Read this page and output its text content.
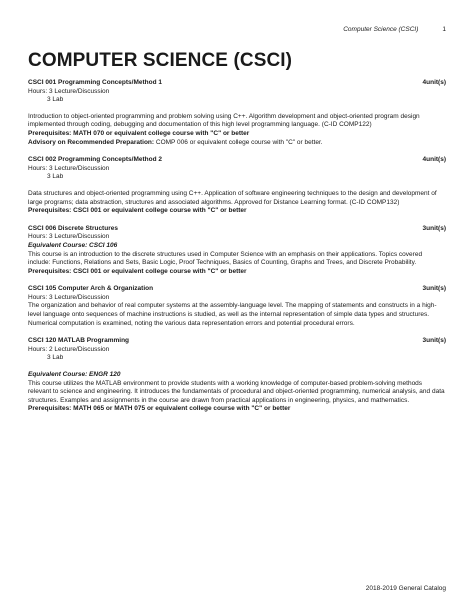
Computer Science (CSCI)	1
COMPUTER SCIENCE (CSCI)
CSCI 001 Programming Concepts/Method 1	4unit(s)
Hours: 3 Lecture/Discussion
3 Lab
Introduction to object-oriented programming and problem solving using C++. Algorithm development and object-oriented program design implemented through coding, debugging and documentation of this high level programming language. (C-ID COMP122)
Prerequisites: MATH 070 or equivalent college course with "C" or better
Advisory on Recommended Preparation: COMP 006 or equivalent college course with "C" or better.
CSCI 002 Programming Concepts/Method 2	4unit(s)
Hours: 3 Lecture/Discussion
3 Lab
Data structures and object-oriented programming using C++. Application of software engineering techniques to the design and development of large programs; data abstraction, structures and associated algorithms. Approved for Distance Learning format. (C-ID COMP132)
Prerequisites: CSCI 001 or equivalent college course with "C" or better
CSCI 006 Discrete Structures	3unit(s)
Hours: 3 Lecture/Discussion
Equivalent Course: CSCI 106
This course is an introduction to the discrete structures used in Computer Science with an emphasis on their applications. Topics covered include: Functions, Relations and Sets, Basic Logic, Proof Techniques, Basics of Counting, Graphs and Trees, and Discrete Probability.
Prerequisites: CSCI 001 or equivalent college course with "C" or better
CSCI 105 Computer Arch & Organization	3unit(s)
Hours: 3 Lecture/Discussion
The organization and behavior of real computer systems at the assembly-language level. The mapping of statements and constructs in a high-level language onto sequences of machine instructions is studied, as well as the internal representation of simple data types and structures. Numerical computation is examined, noting the various data representation errors and potential procedural errors.
CSCI 120 MATLAB Programming	3unit(s)
Hours: 2 Lecture/Discussion
3 Lab
Equivalent Course: ENGR 120
This course utilizes the MATLAB environment to provide students with a working knowledge of computer-based problem-solving methods relevant to science and engineering. It introduces the fundamentals of procedural and object-oriented programming, numerical analysis, and data structures. Examples and assignments in the course are drawn from practical applications in engineering, physics, and mathematics.
Prerequisites: MATH 065 or MATH 075 or equivalent college course with "C" or better
2018-2019 General Catalog
